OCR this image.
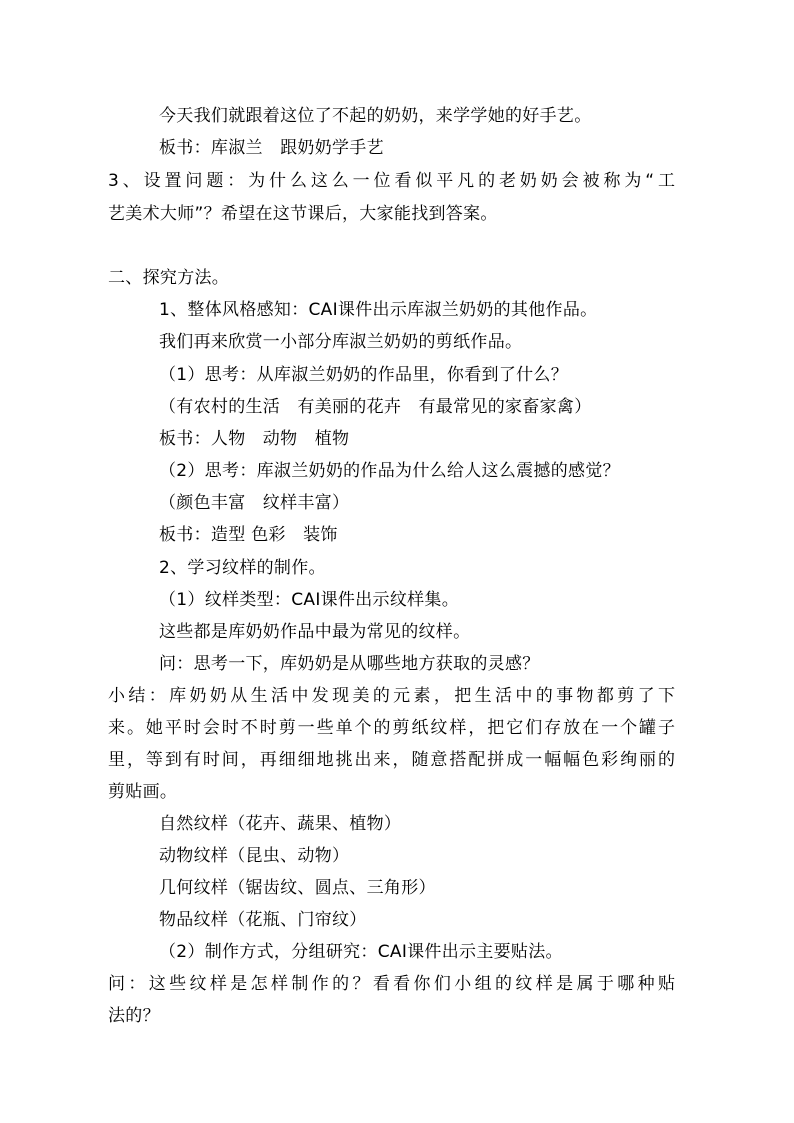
今天我们就跟着这位了不起的奶奶，来学学她的好手艺。
板书：库淑兰　跟奶奶学手艺
3、设置问题：为什么这么一位看似平凡的老奶奶会被称为“工
艺美术大师”？希望在这节课后，大家能找到答案。
二、探究方法。
1、整体风格感知：CAI课件出示库淑兰奶奶的其他作品。
我们再来欣赏一小部分库淑兰奶奶的剪纸作品。
（1）思考：从库淑兰奶奶的作品里，你看到了什么？
（有农村的生活　有美丽的花卉　有最常见的家畜家禽）
板书：人物　动物　植物
（2）思考：库淑兰奶奶的作品为什么给人这么震撼的感觉？
（颜色丰富　纹样丰富）
板书：造型 色彩　装饰
2、学习纹样的制作。
（1）纹样类型：CAI课件出示纹样集。
这些都是库奶奶作品中最为常见的纹样。
问：思考一下，库奶奶是从哪些地方获取的灵感？
小结：库奶奶从生活中发现美的元素，把生活中的事物都剪了下
来。她平时会时不时剪一些单个的剪纸纹样，把它们存放在一个罐子
里，等到有时间，再细细地挑出来，随意搭配拼成一幅幅色彩绚丽的
剪贴画。
自然纹样（花卉、蔬果、植物）
动物纹样（昆虫、动物）
几何纹样（锯齿纹、圆点、三角形）
物品纹样（花瓶、门帘纹）
（2）制作方式，分组研究：CAI课件出示主要贴法。
问：这些纹样是怎样制作的？看看你们小组的纹样是属于哪种贴
法的？
